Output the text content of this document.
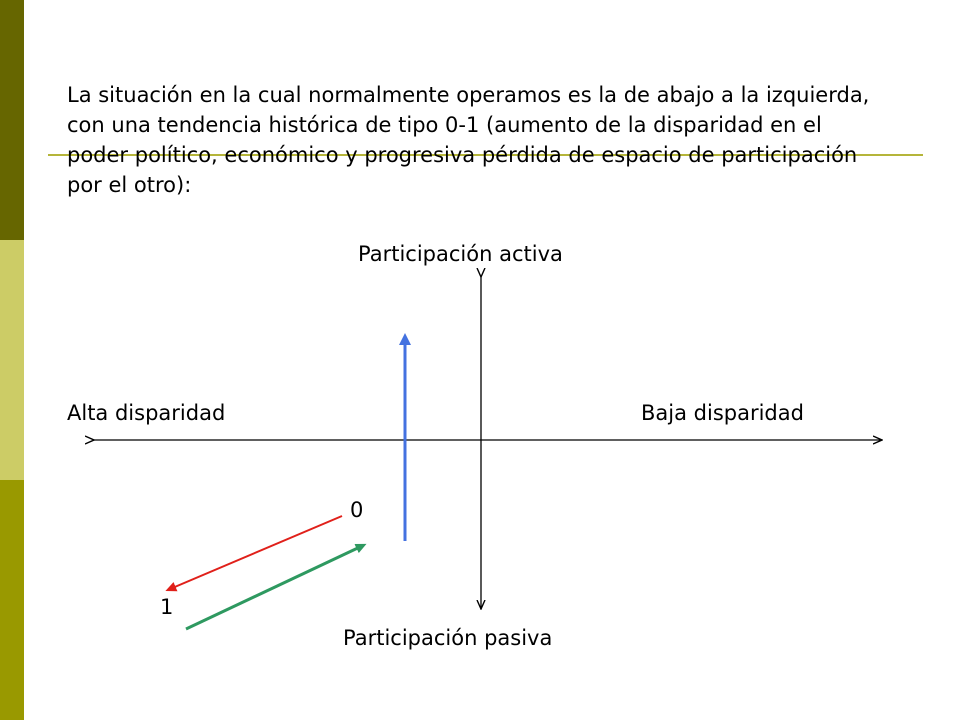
La situación en la cual normalmente operamos es la de abajo a la izquierda, con una tendencia histórica de tipo 0-1 (aumento de la disparidad en el poder político, económico y progresiva pérdida de espacio de participación por el otro):

Participación activa
Participación pasiva
Alta disparidad	Baja disparidad
0
1
